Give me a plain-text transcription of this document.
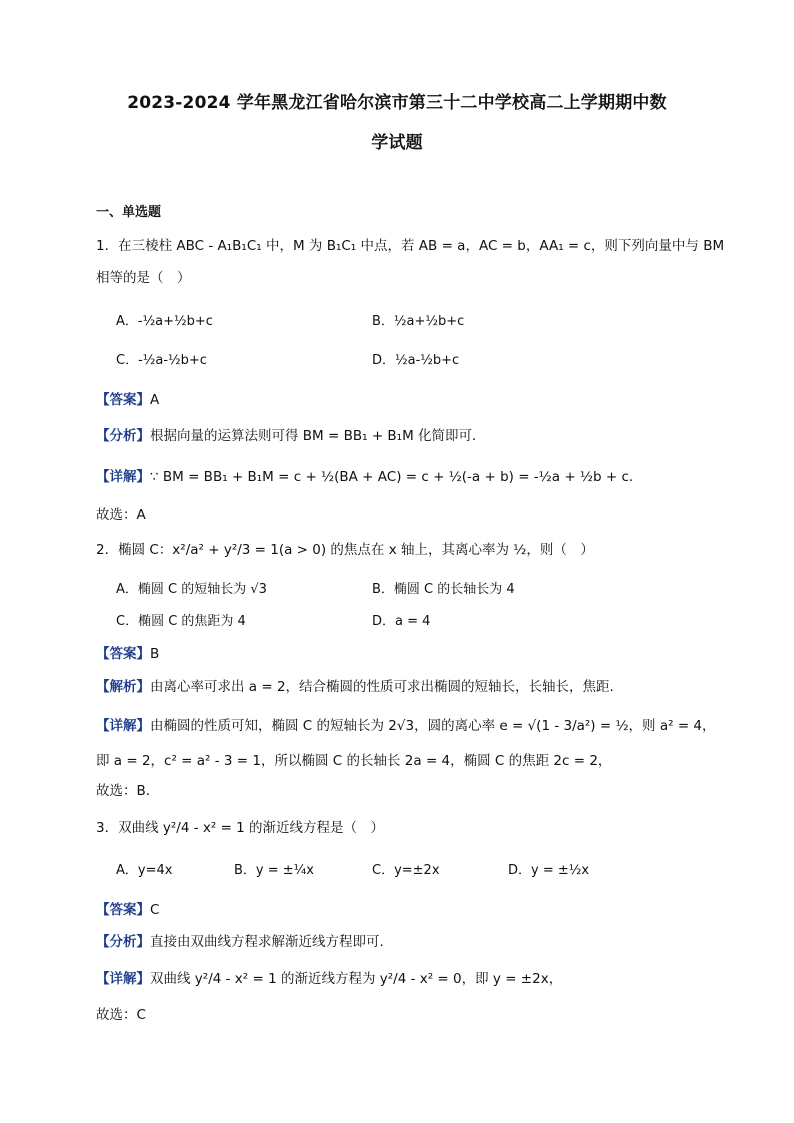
2023-2024 学年黑龙江省哈尔滨市第三十二中学校高二上学期期中数
学试题
一、单选题
1．在三棱柱 ABC - A₁B₁C₁ 中，M 为 B₁C₁ 中点，若 AB = a，AC = b，AA₁ = c，则下列向量中与 BM
相等的是（　）
A．-½a+½b+c	B．½a+½b+c
C．-½a-½b+c	D．½a-½b+c
【答案】A
【分析】根据向量的运算法则可得 BM = BB₁ + B₁M 化简即可．
【详解】∵ BM = BB₁ + B₁M = c + ½(BA + AC) = c + ½(-a + b) = -½a + ½b + c．
故选：A
2．椭圆 C：x²/a² + y²/3 = 1(a > 0) 的焦点在 x 轴上，其离心率为 ½，则（　）
A．椭圆 C 的短轴长为 √3	B．椭圆 C 的长轴长为 4
C．椭圆 C 的焦距为 4	D．a = 4
【答案】B
【解析】由离心率可求出 a = 2，结合椭圆的性质可求出椭圆的短轴长，长轴长，焦距.
【详解】由椭圆的性质可知，椭圆 C 的短轴长为 2√3，圆的离心率 e = √(1 - 3/a²) = ½，则 a² = 4，
即 a = 2，c² = a² - 3 = 1，所以椭圆 C 的长轴长 2a = 4，椭圆 C 的焦距 2c = 2，
故选：B．
3．双曲线 y²/4 - x² = 1 的渐近线方程是（　）
A．y=4x	B．y = ±¼x	C．y=±2x	D．y = ±½x
【答案】C
【分析】直接由双曲线方程求解渐近线方程即可.
【详解】双曲线 y²/4 - x² = 1 的渐近线方程为 y²/4 - x² = 0，即 y = ±2x，
故选：C
